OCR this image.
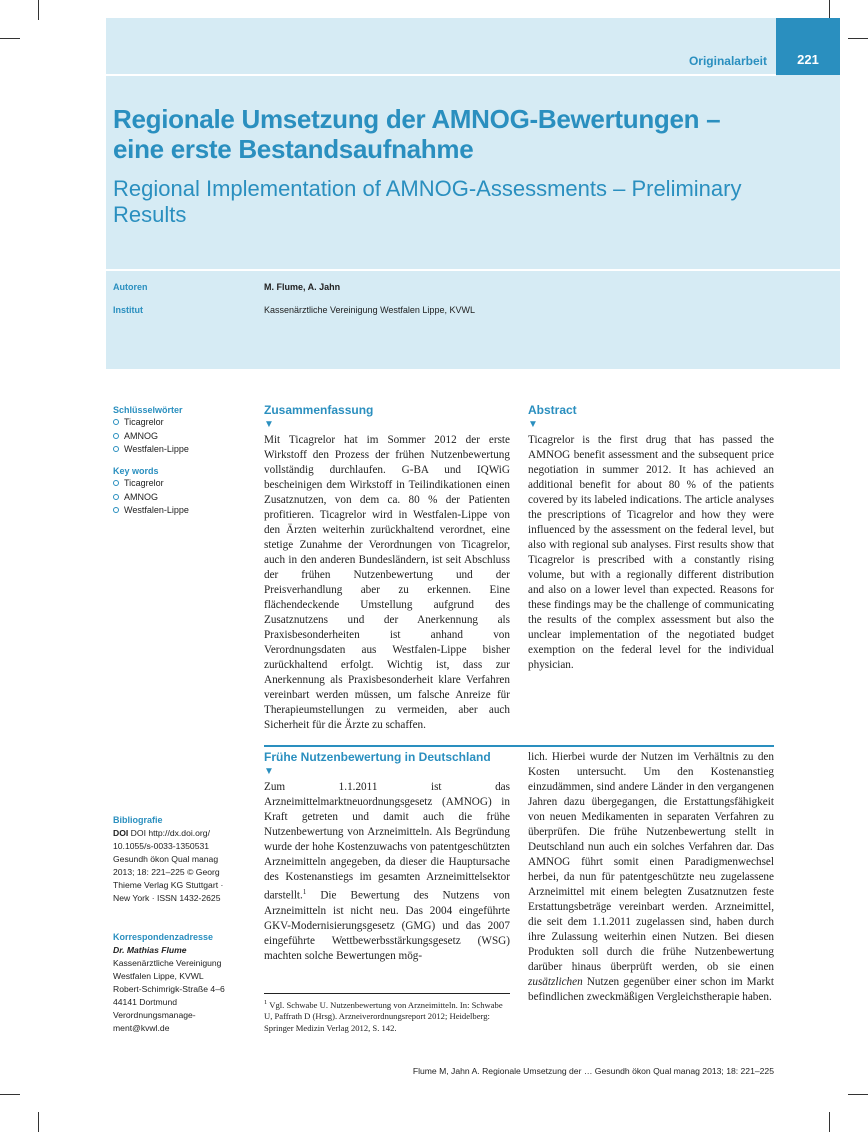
221
Originalarbeit
Regionale Umsetzung der AMNOG-Bewertungen – eine erste Bestandsaufnahme
Regional Implementation of AMNOG-Assessments – Preliminary Results
Autoren	M. Flume, A. Jahn
Institut	Kassenärztliche Vereinigung Westfalen Lippe, KVWL
Schlüsselwörter
Ticagrelor
AMNOG
Westfalen-Lippe
Key words
Ticagrelor
AMNOG
Westfalen-Lippe
Zusammenfassung
▼

Mit Ticagrelor hat im Sommer 2012 der erste Wirkstoff den Prozess der frühen Nutzenbewertung vollständig durchlaufen. G-BA und IQWiG bescheinigen dem Wirkstoff in Teilindikationen einen Zusatznutzen, von dem ca. 80 % der Patienten profitieren. Ticagrelor wird in Westfalen-Lippe von den Ärzten weiterhin zurückhaltend verordnet, eine stetige Zunahme der Verordnungen von Ticagrelor, auch in den anderen Bundesländern, ist seit Abschluss der frühen Nutzenbewertung und der Preisverhandlung aber zu erkennen. Eine flächendeckende Umstellung aufgrund des Zusatznutzens und der Anerkennung als Praxisbesonderheiten ist anhand von Verordnungsdaten aus Westfalen-Lippe bisher zurückhaltend erfolgt. Wichtig ist, dass zur Anerkennung als Praxisbesonderheit klare Verfahren vereinbart werden müssen, um falsche Anreize für Therapieumstellungen zu vermeiden, aber auch Sicherheit für die Ärzte zu schaffen.

Abstract
▼

Ticagrelor is the first drug that has passed the AMNOG benefit assessment and the subsequent price negotiation in summer 2012. It has achieved an additional benefit for about 80 % of the patients covered by its labeled indications. The article analyses the prescriptions of Ticagrelor and how they were influenced by the assessment on the federal level, but also with regional sub analyses. First results show that Ticagrelor is prescribed with a constantly rising volume, but with a regionally different distribution and also on a lower level than expected. Reasons for these findings may be the challenge of communicating the results of the complex assessment but also the unclear implementation of the negotiated budget exemption on the federal level for the individual physician.

Frühe Nutzenbewertung in Deutschland
▼

Zum 1.1.2011 ist das Arzneimittelmarktneuordnungsgesetz (AMNOG) in Kraft getreten und damit auch die frühe Nutzenbewertung von Arzneimitteln. Als Begründung wurde der hohe Kostenzuwachs von patentgeschützten Arzneimitteln angegeben, da dieser die Hauptursache des Kostenanstiegs im gesamten Arzneimittelsektor darstellt.$^1$ Die Bewertung des Nutzens von Arzneimitteln ist nicht neu. Das 2004 eingeführte GKV-Modernisierungsgesetz (GMG) und das 2007 eingeführte Wettbewerbsstärkungsgesetz (WSG) machten solche Bewertungen mög-

lich. Hierbei wurde der Nutzen im Verhältnis zu den Kosten untersucht. Um den Kostenanstieg einzudämmen, sind andere Länder in den vergangenen Jahren dazu übergegangen, die Erstattungsfähigkeit von neuen Medikamenten in separaten Verfahren zu überprüfen. Die frühe Nutzenbewertung stellt in Deutschland nun auch ein solches Verfahren dar. Das AMNOG führt somit einen Paradigmenwechsel herbei, da nun für patentgeschützte neu zugelassene Arzneimittel mit einem belegten Zusatznutzen feste Erstattungsbeträge vereinbart werden. Arzneimittel, die seit dem 1.1.2011 zugelassen sind, haben durch ihre Zulassung weiterhin einen Nutzen. Bei diesen Produkten soll durch die frühe Nutzenbewertung darüber hinaus überprüft werden, ob sie einen zusätzlichen Nutzen gegenüber einer schon im Markt befindlichen zweckmäßigen Vergleichstherapie haben.

Bibliografie
DOI DOI http://dx.doi.org/
10.1055/s-0033-1350531
Gesundh ökon Qual manag
2013; 18: 221–225 © Georg
Thieme Verlag KG Stuttgart ·
New York · ISSN 1432-2625
Korrespondenzadresse
Dr. Mathias Flume
Kassenärztliche Vereinigung
Westfalen Lippe, KVWL
Robert-Schimrigk-Straße 4–6
44141 Dortmund
Verordnungsmanage-
ment@kvwl.de
$^1$ Vgl. Schwabe U. Nutzenbewertung von Arzneimitteln. In: Schwabe U, Paffrath D (Hrsg). Arzneiverordnungsreport 2012; Heidelberg: Springer Medizin Verlag 2012, S. 142.
Flume M, Jahn A. Regionale Umsetzung der … Gesundh ökon Qual manag 2013; 18: 221–225
